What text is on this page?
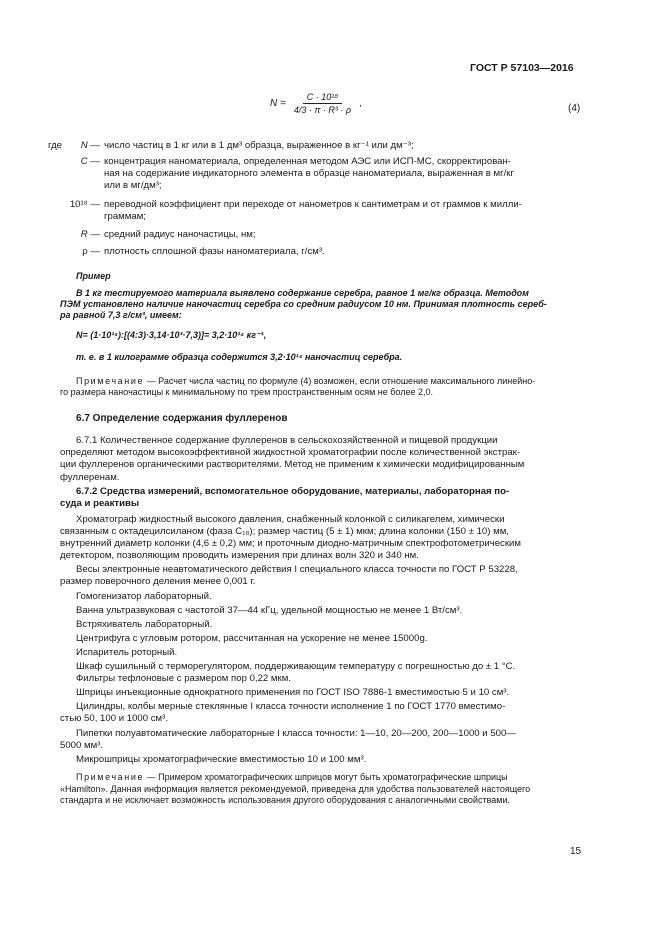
ГОСТ Р 57103—2016
$N = \frac{\text{C · 10¹⁸}}{\text{4/3 · π · R³ · ρ}}$ ,	(4)
где	N — число частиц в 1 кг или в 1 дм³ образца, выраженное в кг⁻¹ или дм⁻³;
C — концентрация наноматериала, определенная методом АЭС или ИСП-МС, скорректирован-
ная на содержание индикаторного элемента в образце наноматериала, выраженная в мг/кг
или в мг/дм³;
10¹⁸ — переводной коэффициент при переходе от нанометров к сантиметрам и от граммов к милли-
граммам;
R — средний радиус наночастицы, нм;
ρ — плотность сплошной фазы наноматериала, г/см³.
Пример
В 1 кг тестируемого материала выявлено содержание серебра, равное 1 мг/кг образца. Методом
ПЭМ установлено наличие наночастиц серебра со средним радиусом 10 нм. Принимая плотность сереб-
ра равной 7,3 г/см³, имеем:
N= (1·10¹⁸):[(4:3)·3,14·10³·7,3)]= 3,2·10¹⁴ кг⁻¹,
т. е. в 1 килограмме образца содержится 3,2·10¹⁴ наночастиц серебра.
Примечание — Расчет числа частиц по формуле (4) возможен, если отношение максимального линейно-
го размера наночастицы к минимальному по трем пространственным осям не более 2,0.
6.7 Определение содержания фуллеренов
6.7.1 Количественное содержание фуллеренов в сельскохозяйственной и пищевой продукции
определяют методом высокоэффективной жидкостной хроматографии после количественной экстрак-
ции фуллеренов органическими растворителями. Метод не применим к химически модифицированным
фуллеренам.
6.7.2 Средства измерений, вспомогательное оборудование, материалы, лабораторная по-
суда и реактивы
Хроматограф жидкостный высокого давления, снабженный колонкой с силикагелем, химически
связанным с октадецилсиланом (фаза C₁₈); размер частиц (5 ± 1) мкм; длина колонки (150 ± 10) мм,
внутренний диаметр колонки (4,6 ± 0,2) мм; и проточным диодно-матричным спектрофотометрическим
детектором, позволяющим проводить измерения при длинах волн 320 и 340 нм.
Весы электронные неавтоматического действия I специального класса точности по ГОСТ Р 53228,
размер поверочного деления менее 0,001 г.
Гомогенизатор лабораторный.
Ванна ультразвуковая с частотой 37—44 кГц, удельной мощностью не менее 1 Вт/см³.
Встряхиватель лабораторный.
Центрифуга с угловым ротором, рассчитанная на ускорение не менее 15000g.
Испаритель роторный.
Шкаф сушильный с терморегулятором, поддерживающим температуру с погрешностью до ± 1 °С.
Фильтры тефлоновые с размером пор 0,22 мкм.
Шприцы инъекционные однократного применения по ГОСТ ISO 7886-1 вместимостью 5 и 10 см³.
Цилиндры, колбы мерные стеклянные I класса точности исполнение 1 по ГОСТ 1770 вместимо-
стью 50, 100 и 1000 см³.
Пипетки полуавтоматические лабораторные I класса точности: 1—10, 20—200, 200—1000 и 500—
5000 мм³.
Микрошприцы хроматографические вместимостью 10 и 100 мм³.
Примечание — Примером хроматографических шприцов могут быть хроматографические шприцы
«Hamilton». Данная информация является рекомендуемой, приведена для удобства пользователей настоящего
стандарта и не исключает возможность использования другого оборудования с аналогичными свойствами.
15
